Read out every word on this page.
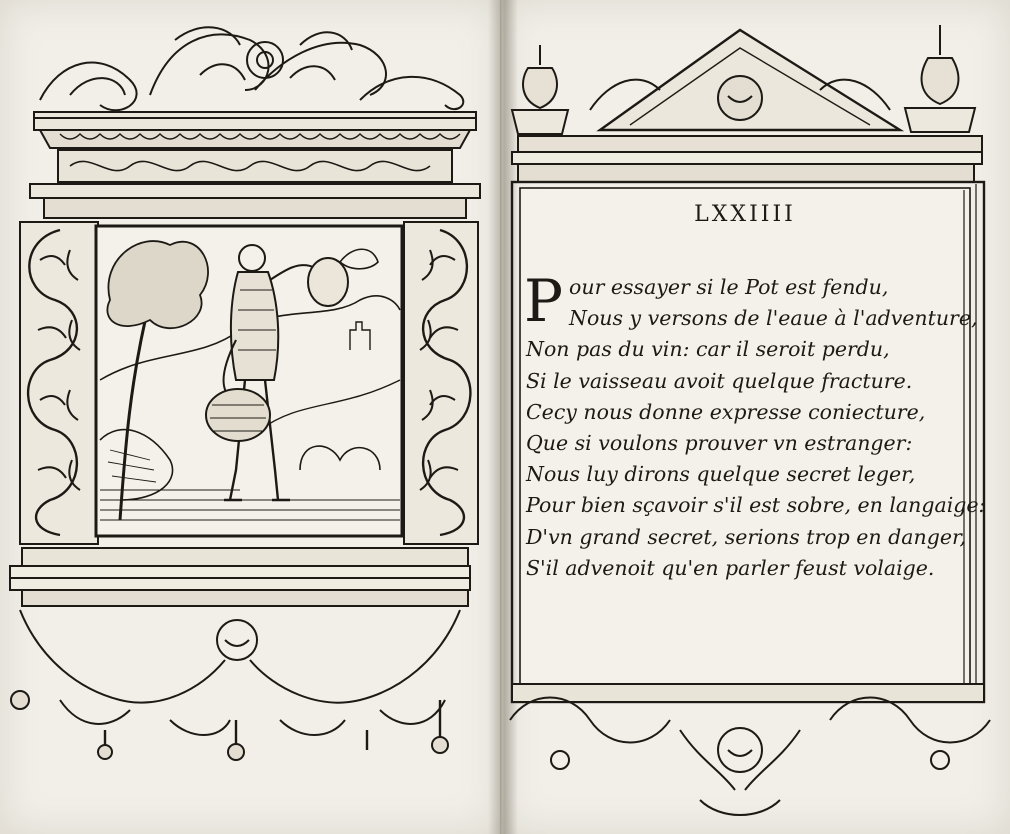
LXXIIII
P our essayer si le Pot est fendu,
Nous y versons de l'eaue à l'adventure,
Non pas du vin: car il seroit perdu,
Si le vaisseau avoit quelque fracture.
Cecy nous donne expresse coniecture,
Que si voulons prouver vn estranger:
Nous luy dirons quelque secret leger,
Pour bien sçavoir s'il est sobre, en langaige:
D'vn grand secret, serions trop en danger,
S'il advenoit qu'en parler feust volaige.
